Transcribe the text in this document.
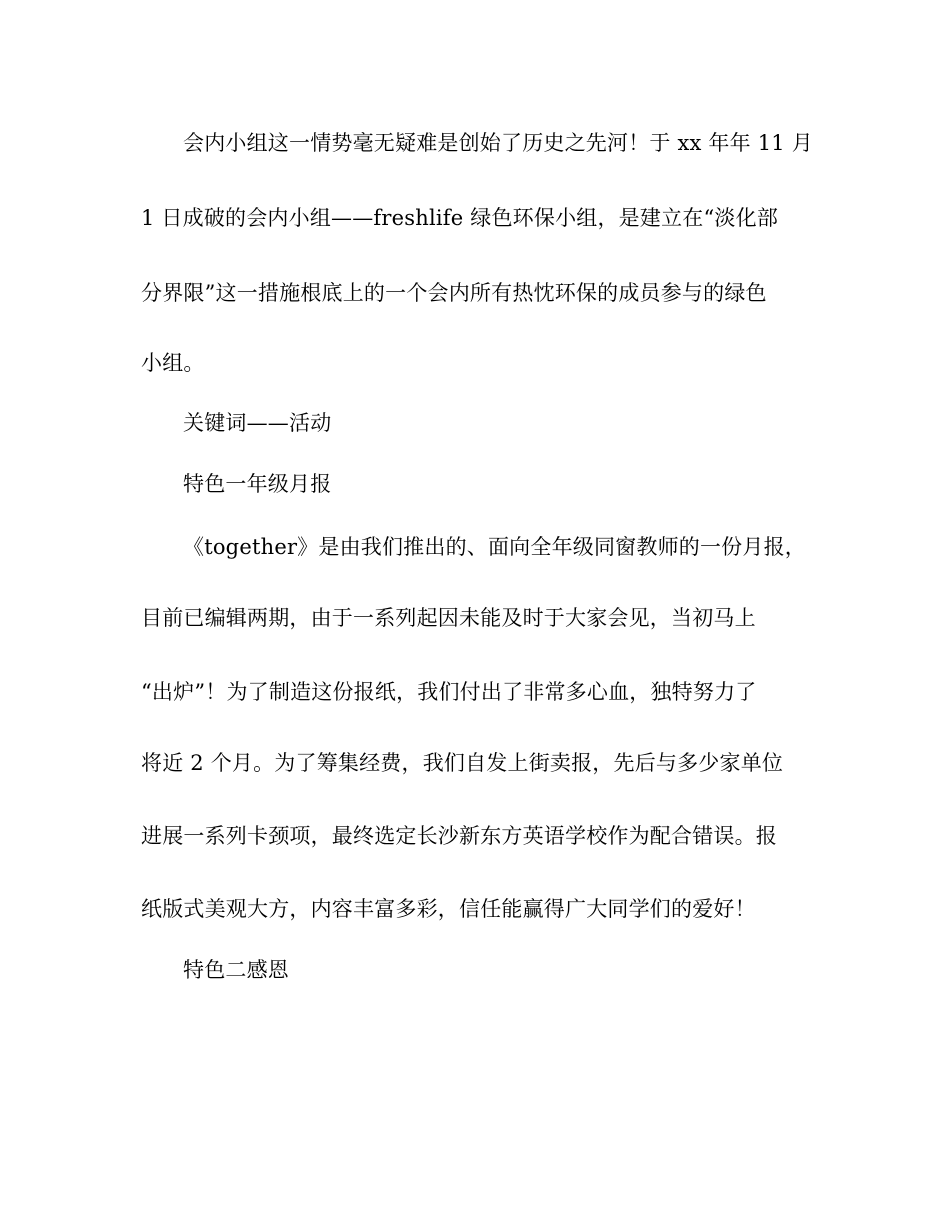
会内小组这一情势毫无疑难是创始了历史之先河！于 xx 年年 11 月
1 日成破的会内小组——freshlife 绿色环保小组，是建立在“淡化部
分界限”这一措施根底上的一个会内所有热忱环保的成员参与的绿色
小组。
关键词——活动
特色一年级月报
《together》是由我们推出的、面向全年级同窗教师的一份月报，
目前已编辑两期，由于一系列起因未能及时于大家会见，当初马上
“出炉”！为了制造这份报纸，我们付出了非常多心血，独特努力了
将近 2 个月。为了筹集经费，我们自发上街卖报，先后与多少家单位
进展一系列卡颈项，最终选定长沙新东方英语学校作为配合错误。报
纸版式美观大方，内容丰富多彩，信任能赢得广大同学们的爱好！
特色二感恩
